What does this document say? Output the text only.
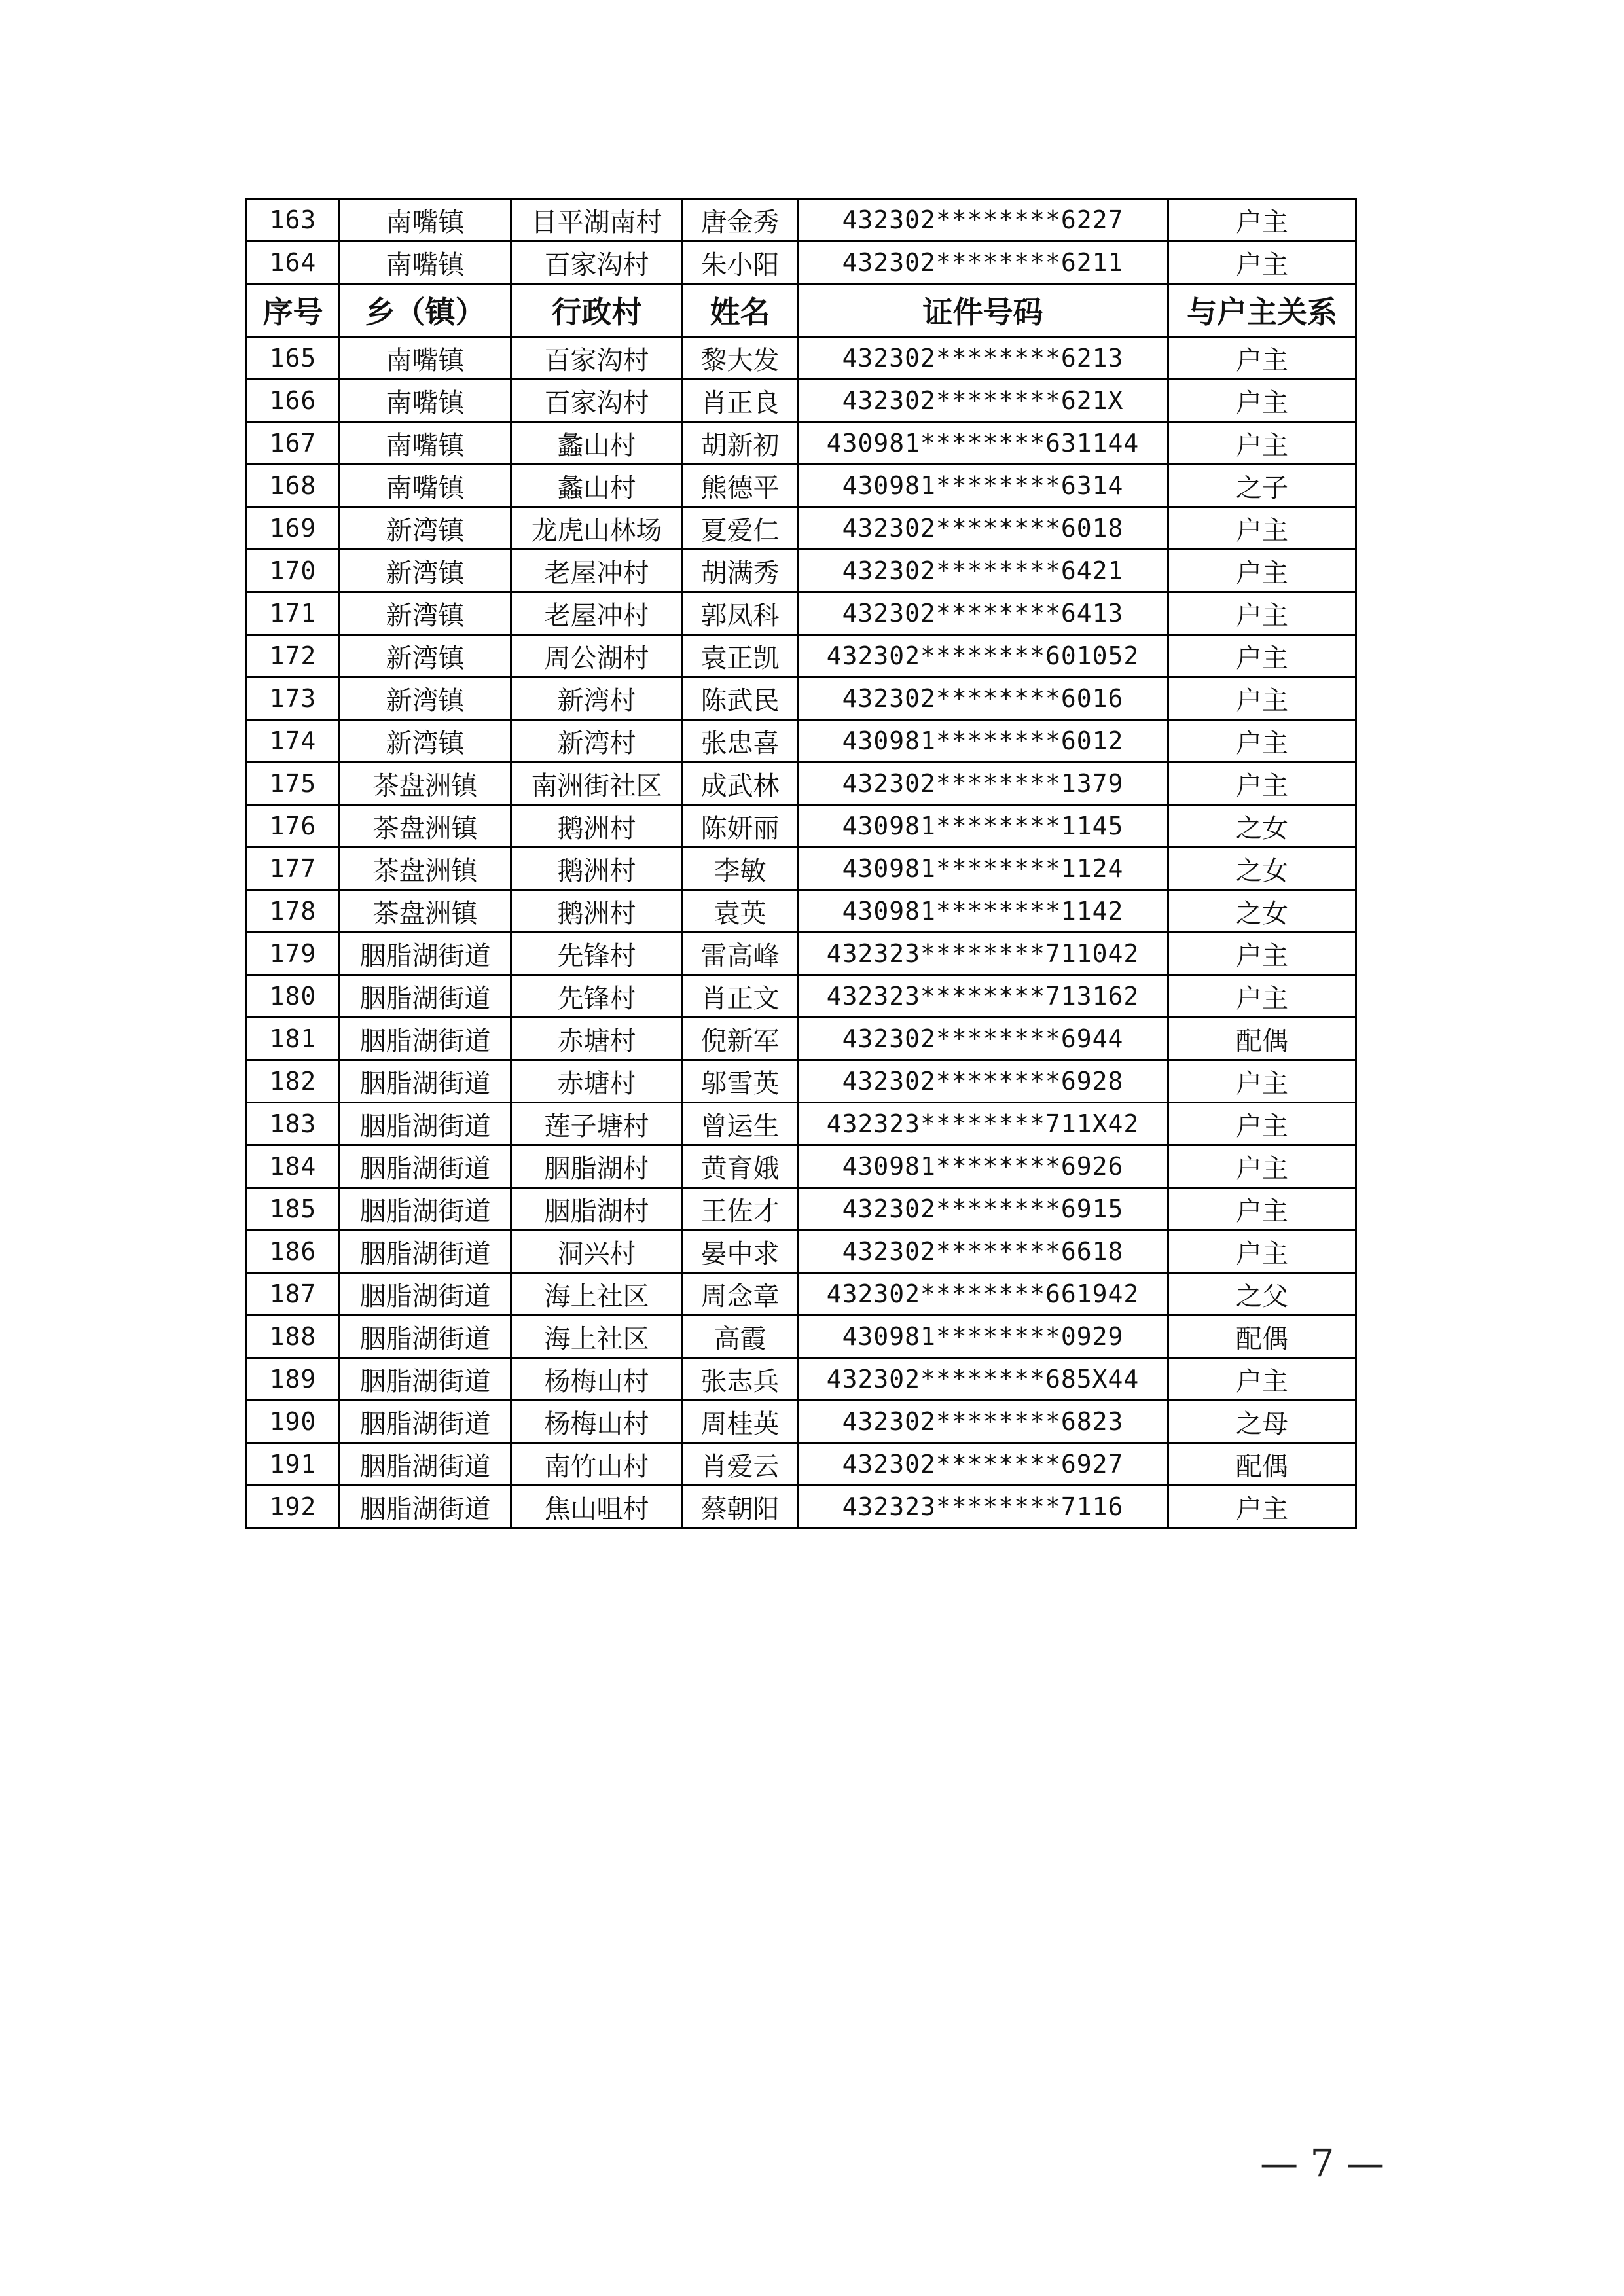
163	南嘴镇	目平湖南村	唐金秀	432302********6227	户主
164	南嘴镇	百家沟村	朱小阳	432302********6211	户主
序号	乡（镇）	行政村	姓名	证件号码	与户主关系
165	南嘴镇	百家沟村	黎大发	432302********6213	户主
166	南嘴镇	百家沟村	肖正良	432302********621X	户主
167	南嘴镇	蠡山村	胡新初	430981********631144	户主
168	南嘴镇	蠡山村	熊德平	430981********6314	之子
169	新湾镇	龙虎山林场	夏爱仁	432302********6018	户主
170	新湾镇	老屋冲村	胡满秀	432302********6421	户主
171	新湾镇	老屋冲村	郭凤科	432302********6413	户主
172	新湾镇	周公湖村	袁正凯	432302********601052	户主
173	新湾镇	新湾村	陈武民	432302********6016	户主
174	新湾镇	新湾村	张忠喜	430981********6012	户主
175	茶盘洲镇	南洲街社区	成武林	432302********1379	户主
176	茶盘洲镇	鹅洲村	陈妍丽	430981********1145	之女
177	茶盘洲镇	鹅洲村	李敏	430981********1124	之女
178	茶盘洲镇	鹅洲村	袁英	430981********1142	之女
179	胭脂湖街道	先锋村	雷高峰	432323********711042	户主
180	胭脂湖街道	先锋村	肖正文	432323********713162	户主
181	胭脂湖街道	赤塘村	倪新军	432302********6944	配偶
182	胭脂湖街道	赤塘村	邬雪英	432302********6928	户主
183	胭脂湖街道	莲子塘村	曾运生	432323********711X42	户主
184	胭脂湖街道	胭脂湖村	黄育娥	430981********6926	户主
185	胭脂湖街道	胭脂湖村	王佐才	432302********6915	户主
186	胭脂湖街道	洞兴村	晏中求	432302********6618	户主
187	胭脂湖街道	海上社区	周念章	432302********661942	之父
188	胭脂湖街道	海上社区	高霞	430981********0929	配偶
189	胭脂湖街道	杨梅山村	张志兵	432302********685X44	户主
190	胭脂湖街道	杨梅山村	周桂英	432302********6823	之母
191	胭脂湖街道	南竹山村	肖爱云	432302********6927	配偶
192	胭脂湖街道	焦山咀村	蔡朝阳	432323********7116	户主
— 7 —
